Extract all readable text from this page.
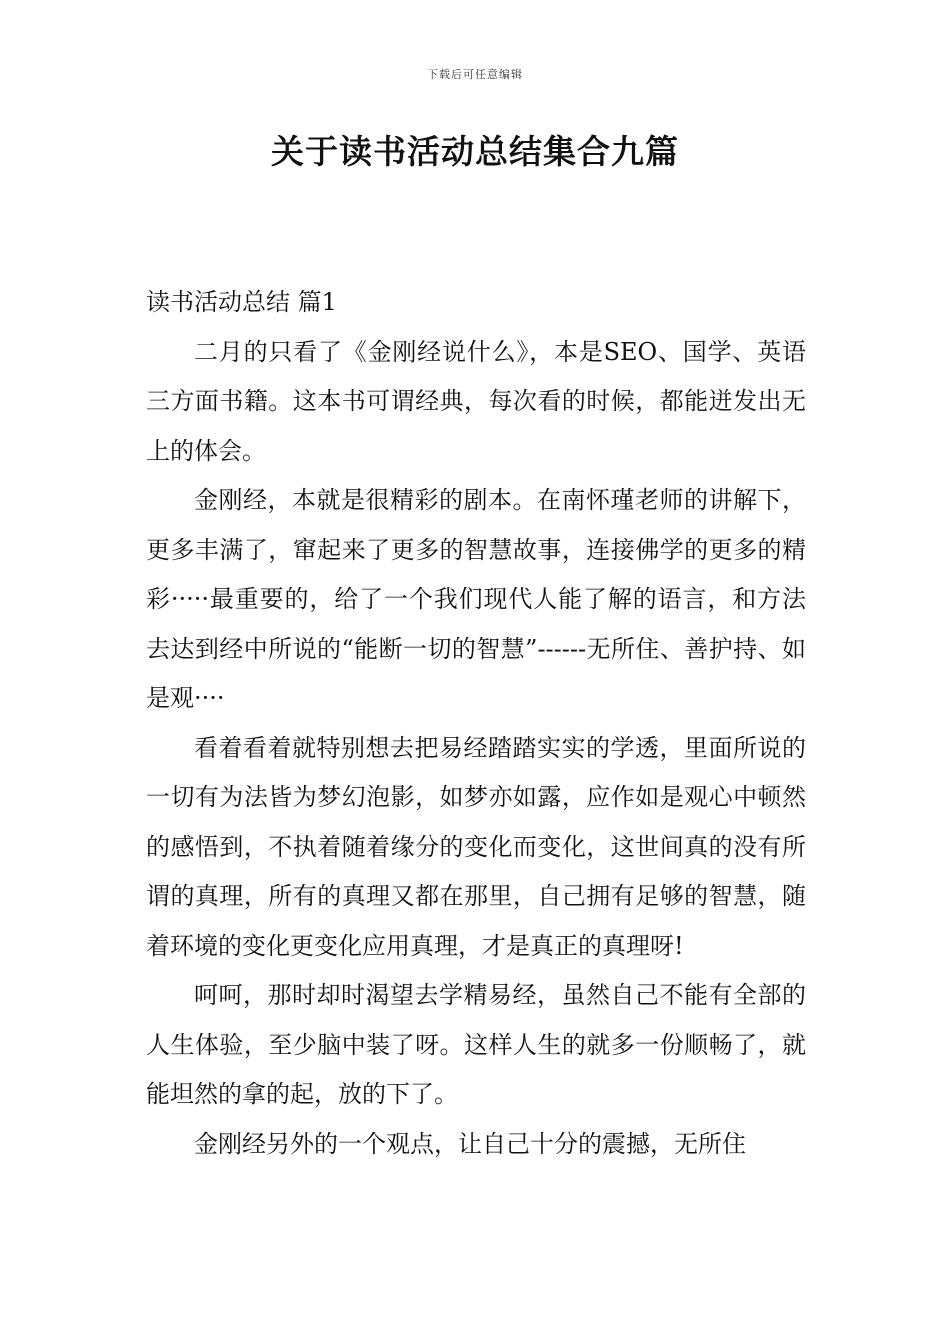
下载后可任意编辑
关于读书活动总结集合九篇

读书活动总结 篇1

二月的只看了《金刚经说什么》，本是SEO、国学、英语三方面书籍。这本书可谓经典，每次看的时候，都能迸发出无上的体会。

金刚经，本就是很精彩的剧本。在南怀瑾老师的讲解下，更多丰满了，窜起来了更多的智慧故事，连接佛学的更多的精彩·····最重要的，给了一个我们现代人能了解的语言，和方法去达到经中所说的“能断一切的智慧”------无所住、善护持、如是观····

看着看着就特别想去把易经踏踏实实的学透，里面所说的一切有为法皆为梦幻泡影，如梦亦如露，应作如是观心中顿然的感悟到，不执着随着缘分的变化而变化，这世间真的没有所谓的真理，所有的真理又都在那里，自己拥有足够的智慧，随着环境的变化更变化应用真理，才是真正的真理呀!

呵呵，那时却时渴望去学精易经，虽然自己不能有全部的人生体验，至少脑中装了呀。这样人生的就多一份顺畅了，就能坦然的拿的起，放的下了。

金刚经另外的一个观点，让自己十分的震撼，无所住
